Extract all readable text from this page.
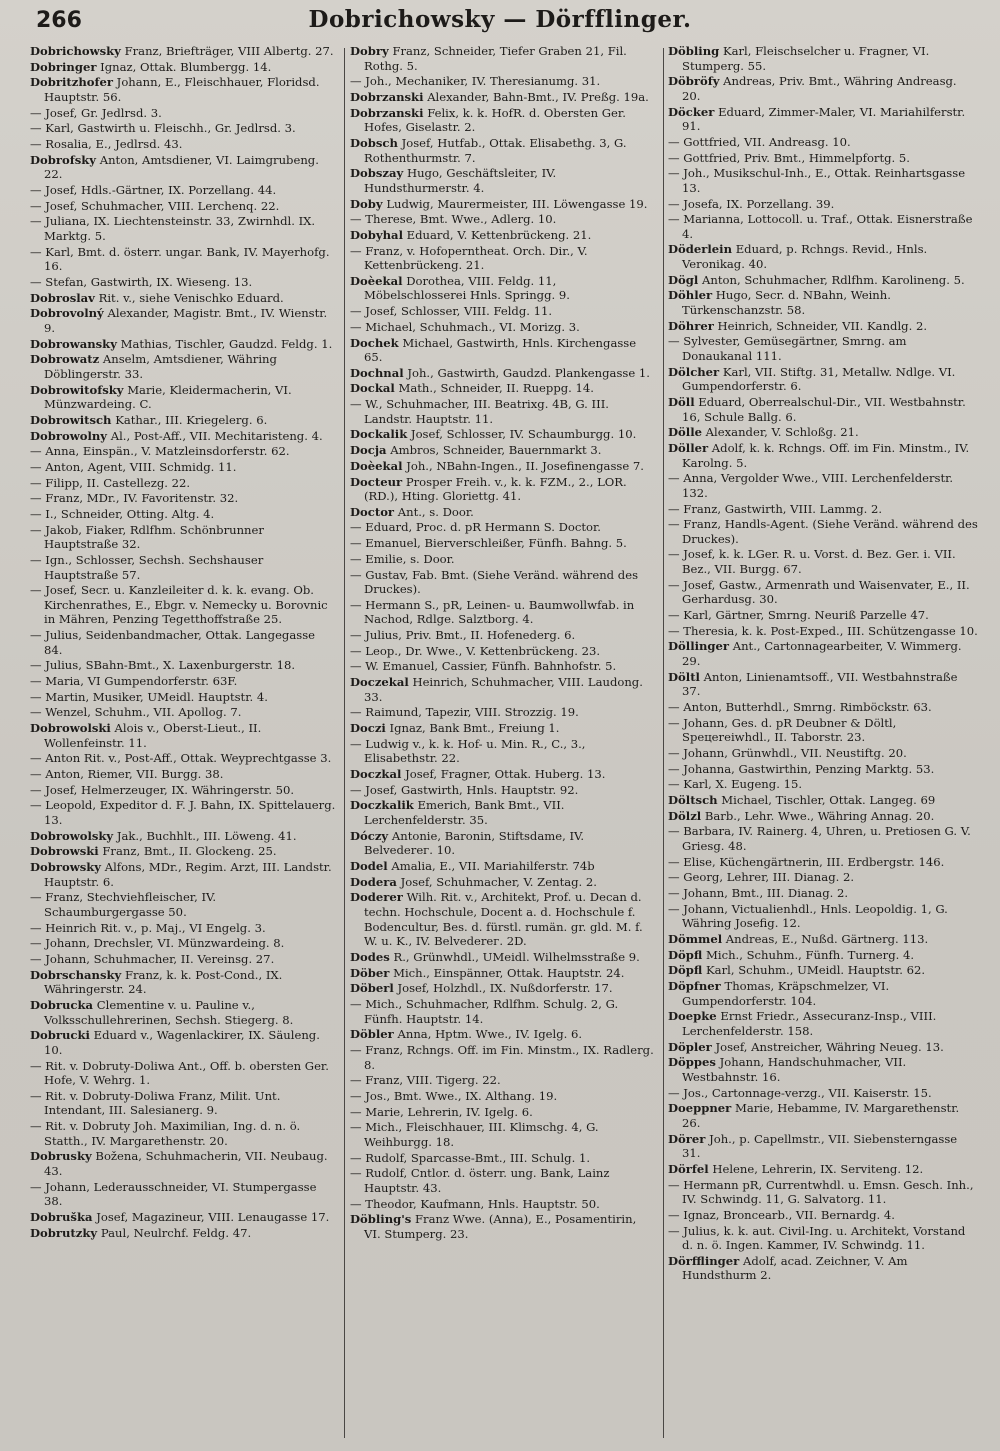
266	Dobrichowsky — Dörfflinger.

Dobrichowsky Franz, Briefträger, VIII Albertg. 27.

Dobringer Ignaz, Ottak. Blumbergg. 14.

Dobritzhofer Johann, E., Fleischhauer, Floridsd. Hauptstr. 56.

— Josef, Gr. Jedlrsd. 3.

— Karl, Gastwirth u. Fleischh., Gr. Jedlrsd. 3.

— Rosalia, E., Jedlrsd. 43.

Dobrofsky Anton, Amtsdiener, VI. Laimgrubeng. 22.

— Josef, Hdls.-Gärtner, IX. Porzellang. 44.

— Josef, Schuhmacher, VIII. Lerchenq. 22.

— Juliana, IX. Liechtensteinstr. 33, Zwirnhdl. IX. Marktg. 5.

— Karl, Bmt. d. österr. ungar. Bank, IV. Mayerhofg. 16.

— Stefan, Gastwirth, IX. Wieseng. 13.

Dobroslav Rit. v., siehe Venischko Eduard.

Dobrovolný Alexander, Magistr. Bmt., IV. Wienstr. 9.

Dobrowansky Mathias, Tischler, Gaudzd. Feldg. 1.

Dobrowatz Anselm, Amtsdiener, Währing Döblingerstr. 33.

Dobrowitofsky Marie, Kleidermacherin, VI. Münzwardeing. C.

Dobrowitsch Kathar., III. Kriegelerg. 6.

Dobrowolny Al., Post-Aff., VII. Mechitaristeng. 4.

— Anna, Einspän., V. Matzleinsdorferstr. 62.

— Anton, Agent, VIII. Schmidg. 11.

— Filipp, II. Castellezg. 22.

— Franz, MDr., IV. Favoritenstr. 32.

— I., Schneider, Otting. Altg. 4.

— Jakob, Fiaker, Rdlfhm. Schönbrunner Hauptstraße 32.

— Ign., Schlosser, Sechsh. Sechshauser Hauptstraße 57.

— Josef, Secr. u. Kanzleileiter d. k. k. evang. Ob. Kirchenrathes, E., Ebgr. v. Nemecky u. Borovnic in Mähren, Penzing Tegetthoffstraße 25.

— Julius, Seidenbandmacher, Ottak. Langegasse 84.

— Julius, SBahn-Bmt., X. Laxenburgerstr. 18.

— Maria, VI Gumpendorferstr. 63F.

— Martin, Musiker, UMeidl. Hauptstr. 4.

— Wenzel, Schuhm., VII. Apollog. 7.

Dobrowolski Alois v., Oberst-Lieut., II. Wollenfeinstr. 11.

— Anton Rit. v., Post-Aff., Ottak. Weyprechtgasse 3.

— Anton, Riemer, VII. Burgg. 38.

— Josef, Helmerzeuger, IX. Währingerstr. 50.

— Leopold, Expeditor d. F. J. Bahn, IX. Spittelauerg. 13.

Dobrowolsky Jak., Buchhlt., III. Löweng. 41.

Dobrowski Franz, Bmt., II. Glockeng. 25.

Dobrowsky Alfons, MDr., Regim. Arzt, III. Landstr. Hauptstr. 6.

— Franz, Stechviehfleischer, IV. Schaumburgergasse 50.

— Heinrich Rit. v., p. Maj., VI Engelg. 3.

— Johann, Drechsler, VI. Münzwardeing. 8.

— Johann, Schuhmacher, II. Vereinsg. 27.

Dobrschansky Franz, k. k. Post-Cond., IX. Währingerstr. 24.

Dobrucka Clementine v. u. Pauline v., Volksschullehrerinen, Sechsh. Stiegerg. 8.

Dobrucki Eduard v., Wagenlackirer, IX. Säuleng. 10.

— Rit. v. Dobruty-Doliwa Ant., Off. b. obersten Ger. Hofe, V. Wehrg. 1.

— Rit. v. Dobruty-Doliwa Franz, Milit. Unt. Intendant, III. Salesianerg. 9.

— Rit. v. Dobruty Joh. Maximilian, Ing. d. n. ö. Statth., IV. Margarethenstr. 20.

Dobrusky Božena, Schuhmacherin, VII. Neubaug. 43.

— Johann, Lederausschneider, VI. Stumpergasse 38.

Dobruška Josef, Magazineur, VIII. Lenaugasse 17.

Dobrutzky Paul, Neulrchf. Feldg. 47.

Dobry Franz, Schneider, Tiefer Graben 21, Fil. Rothg. 5.

— Joh., Mechaniker, IV. Theresianumg. 31.

Dobrzanski Alexander, Bahn-Bmt., IV. Preßg. 19a.

Dobrzanski Felix, k. k. HofR. d. Obersten Ger. Hofes, Giselastr. 2.

Dobsch Josef, Hutfab., Ottak. Elisabethg. 3, G. Rothenthurmstr. 7.

Dobszay Hugo, Geschäftsleiter, IV. Hundsthurmerstr. 4.

Doby Ludwig, Maurermeister, III. Löwengasse 19.

— Therese, Bmt. Wwe., Adlerg. 10.

Dobyhal Eduard, V. Kettenbrückeng. 21.

— Franz, v. Hofoperntheat. Orch. Dir., V. Kettenbrückeng. 21.

Doèekal Dorothea, VIII. Feldg. 11, Möbelschlosserei Hnls. Springg. 9.

— Josef, Schlosser, VIII. Feldg. 11.

— Michael, Schuhmach., VI. Morizg. 3.

Dochek Michael, Gastwirth, Hnls. Kirchengasse 65.

Dochnal Joh., Gastwirth, Gaudzd. Plankengasse 1.

Dockal Math., Schneider, II. Rueppg. 14.

— W., Schuhmacher, III. Beatrixg. 4B, G. III. Landstr. Hauptstr. 11.

Dockalik Josef, Schlosser, IV. Schaumburgg. 10.

Docja Ambros, Schneider, Bauernmarkt 3.

Doèekal Joh., NBahn-Ingen., II. Josefinengasse 7.

Docteur Prosper Freih. v., k. k. FZM., 2., LOR. (RD.), Hting. Gloriettg. 41.

Doctor Ant., s. Door.

— Eduard, Proc. d. pR Hermann S. Doctor.

— Emanuel, Bierverschleißer, Fünfh. Bahng. 5.

— Emilie, s. Door.

— Gustav, Fab. Bmt. (Siehe Veränd. während des Druckes).

— Hermann S., pR, Leinen- u. Baumwollwfab. in Nachod, Rdlge. Salztborg. 4.

— Julius, Priv. Bmt., II. Hofenederg. 6.

— Leop., Dr. Wwe., V. Kettenbrückeng. 23.

— W. Emanuel, Cassier, Fünfh. Bahnhofstr. 5.

Doczekal Heinrich, Schuhmacher, VIII. Laudong. 33.

— Raimund, Tapezir, VIII. Strozzig. 19.

Doczi Ignaz, Bank Bmt., Freiung 1.

— Ludwig v., k. k. Hof- u. Min. R., C., 3., Elisabethstr. 22.

Doczkal Josef, Fragner, Ottak. Huberg. 13.

— Josef, Gastwirth, Hnls. Hauptstr. 92.

Doczkalik Emerich, Bank Bmt., VII. Lerchenfelderstr. 35.

Dóczy Antonie, Baronin, Stiftsdame, IV. Belvederег. 10.

Dodel Amalia, E., VII. Mariahilferstr. 74b

Dodera Josef, Schuhmacher, V. Zentag. 2.

Doderer Wilh. Rit. v., Architekt, Prof. u. Decan d. techn. Hochschule, Docent a. d. Hochschule f. Bodencultur, Bes. d. fürstl. rumän. gr. gld. M. f. W. u. K., IV. Belvederег. 2D.

Dodes R., Grünwhdl., UMeidl. Wilhelmsstraße 9.

Döber Mich., Einspänner, Ottak. Hauptstr. 24.

Döberl Josef, Holzhdl., IX. Nußdorferstr. 17.

— Mich., Schuhmacher, Rdlfhm. Schulg. 2, G. Fünfh. Hauptstr. 14.

Döbler Anna, Hptm. Wwe., IV. Igelg. 6.

— Franz, Rchngs. Off. im Fin. Minstm., IX. Radlerg. 8.

— Franz, VIII. Tigerg. 22.

— Jos., Bmt. Wwe., IX. Althang. 19.

— Marie, Lehrerin, IV. Igelg. 6.

— Mich., Fleischhauer, III. Klimschg. 4, G. Weihburgg. 18.

— Rudolf, Sparcasse-Bmt., III. Schulg. 1.

— Rudolf, Cntlor. d. österr. ung. Bank, Lainz Hauptstr. 43.

— Theodor, Kaufmann, Hnls. Hauptstr. 50.

Döbling's Franz Wwe. (Anna), E., Posamentirin, VI. Stumperg. 23.

Döbling Karl, Fleischselcher u. Fragner, VI. Stumperg. 55.

Döbröfy Andreas, Priv. Bmt., Währing Andreasg. 20.

Döcker Eduard, Zimmer-Maler, VI. Mariahilferstr. 91.

— Gottfried, VII. Andreasg. 10.

— Gottfried, Priv. Bmt., Himmelpfortg. 5.

— Joh., Musikschul-Inh., E., Ottak. Reinhartsgasse 13.

— Josefa, IX. Porzellang. 39.

— Marianna, Lottocoll. u. Traf., Ottak. Eisnerstraße 4.

Döderlein Eduard, p. Rchngs. Revid., Hnls. Veronikag. 40.

Dögl Anton, Schuhmacher, Rdlfhm. Karolineng. 5.

Döhler Hugo, Secr. d. NBahn, Weinh. Türkenschanzstr. 58.

Döhrer Heinrich, Schneider, VII. Kandlg. 2.

— Sylvester, Gemüsegärtner, Smrng. am Donaukanal 111.

Dölcher Karl, VII. Stiftg. 31, Metallw. Ndlge. VI. Gumpendorferstr. 6.

Döll Eduard, Oberrealschul-Dir., VII. Westbahnstr. 16, Schule Ballg. 6.

Dölle Alexander, V. Schloßg. 21.

Döller Adolf, k. k. Rchngs. Off. im Fin. Minstm., IV. Karolng. 5.

— Anna, Vergolder Wwe., VIII. Lerchenfelderstr. 132.

— Franz, Gastwirth, VIII. Lammg. 2.

— Franz, Handls-Agent. (Siehe Veränd. während des Druckes).

— Josef, k. k. LGer. R. u. Vorst. d. Bez. Ger. i. VII. Bez., VII. Burgg. 67.

— Josef, Gastw., Armenrath und Waisenvater, E., II. Gerhardusg. 30.

— Karl, Gärtner, Smrng. Neuriß Parzelle 47.

— Theresia, k. k. Post-Exped., III. Schützengasse 10.

Döllinger Ant., Cartonnagearbeiter, V. Wimmerg. 29.

Döltl Anton, Linienamtsoff., VII. Westbahnstraße 37.

— Anton, Butterhdl., Smrng. Rimböckstr. 63.

— Johann, Ges. d. pR Deubner & Döltl, Spецereiwhdl., II. Taborstr. 23.

— Johann, Grünwhdl., VII. Neustiftg. 20.

— Johanna, Gastwirthin, Penzing Marktg. 53.

— Karl, X. Eugeng. 15.

Döltsch Michael, Tischler, Ottak. Langeg. 69

Dölzl Barb., Lehr. Wwe., Währing Annag. 20.

— Barbara, IV. Rainerg. 4, Uhren, u. Pretiosen G. V. Griesg. 48.

— Elise, Küchengärtnerin, III. Erdbergstr. 146.

— Georg, Lehrer, III. Dianag. 2.

— Johann, Bmt., III. Dianag. 2.

— Johann, Victualienhdl., Hnls. Leopoldig. 1, G. Währing Josefig. 12.

Dömmel Andreas, E., Nußd. Gärtnerg. 113.

Döpfl Mich., Schuhm., Fünfh. Turnerg. 4.

Döpfl Karl, Schuhm., UMeidl. Hauptstr. 62.

Döpfner Thomas, Kräpschmelzer, VI. Gumpendorferstr. 104.

Doepke Ernst Friedr., Assecuranz-Insp., VIII. Lerchenfelderstr. 158.

Döpler Josef, Anstreicher, Währing Neueg. 13.

Döppes Johann, Handschuhmacher, VII. Westbahnstr. 16.

— Jos., Cartonnage-verzg., VII. Kaiserstr. 15.

Doeppner Marie, Hebamme, IV. Margarethenstr. 26.

Dörer Joh., p. Capellmstr., VII. Siebensterngasse 31.

Dörfel Helene, Lehrerin, IX. Serviteng. 12.

— Hermann pR, Currentwhdl. u. Emsn. Gesch. Inh., IV. Schwindg. 11, G. Salvatorg. 11.

— Ignaz, Broncearb., VII. Bernardg. 4.

— Julius, k. k. aut. Civil-Ing. u. Architekt, Vorstand d. n. ö. Ingen. Kammer, IV. Schwindg. 11.

Dörfflinger Adolf, acad. Zeichner, V. Am Hundsthurm 2.
